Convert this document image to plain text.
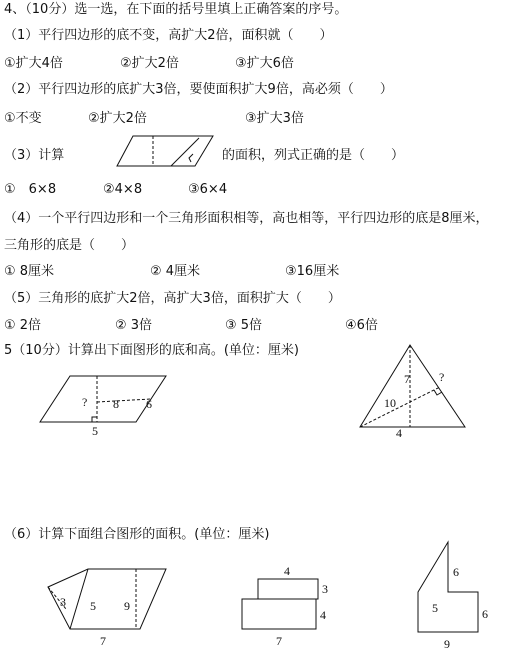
4、（10分）选一选，在下面的括号里填上正确答案的序号。
（1）平行四边形的底不变，高扩大2倍，面积就（　　）
①扩大4倍	②扩大2倍	③扩大6倍
（2）平行四边形的底扩大3倍，要使面积扩大9倍，高必须（　　）
①不变	②扩大2倍	③扩大3倍
（3）计算	的面积，列式正确的是（　　）
①　6×8	②4×8	③6×4
（4）一个平行四边形和一个三角形面积相等，高也相等，平行四边形的底是8厘米，
三角形的底是（　　）
① 8厘米	② 4厘米	③16厘米
（5）三角形的底扩大2倍，高扩大3倍，面积扩大（　　）
① 2倍	② 3倍	③ 5倍	④6倍
5（10分）计算出下面图形的底和高。(单位：厘米)
? 8 6
5
7 ?
10
4
（6）计算下面组合图形的面积。(单位：厘米)
3 5 9
7
4
3
4
7
6
5	6
9
